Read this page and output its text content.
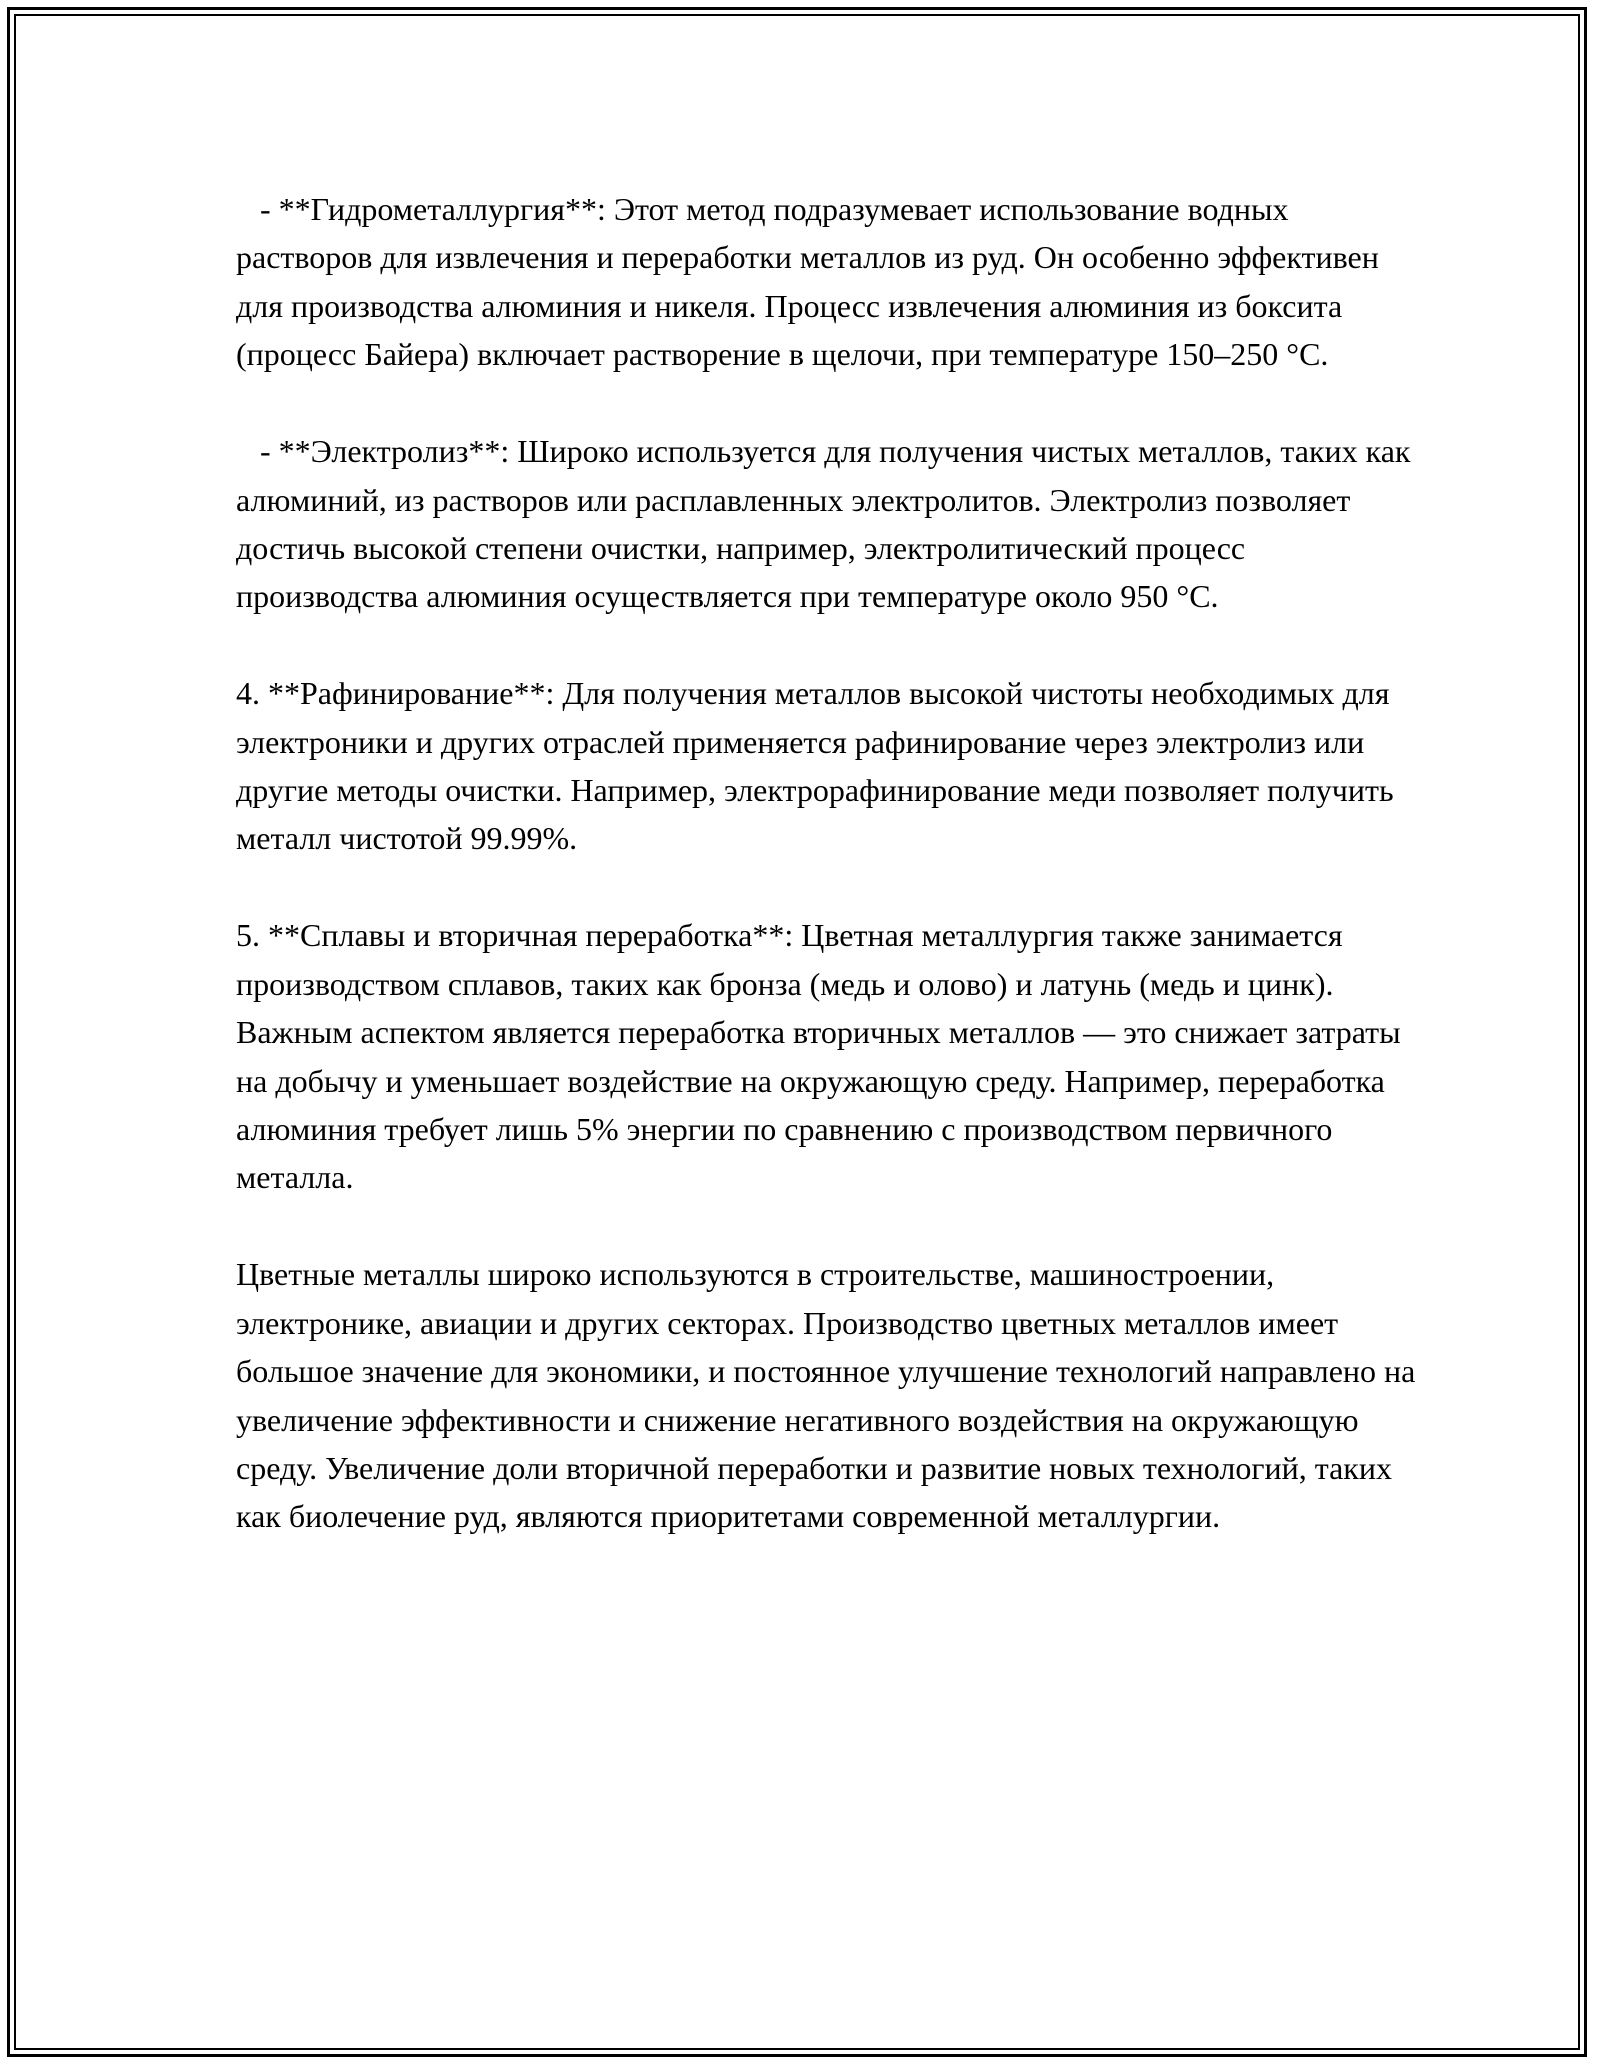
- **Гидрометаллургия**: Этот метод подразумевает использование водных растворов для извлечения и переработки металлов из руд. Он особенно эффективен для производства алюминия и никеля. Процесс извлечения алюминия из боксита (процесс Байера) включает растворение в щелочи, при температуре 150–250 °C.

- **Электролиз**: Широко используется для получения чистых металлов, таких как алюминий, из растворов или расплавленных электролитов. Электролиз позволяет достичь высокой степени очистки, например, электролитический процесс производства алюминия осуществляется при температуре около 950 °C.

4. **Рафинирование**: Для получения металлов высокой чистоты необходимых для электроники и других отраслей применяется рафинирование через электролиз или другие методы очистки. Например, электрорафинирование меди позволяет получить металл чистотой 99.99%.

5. **Сплавы и вторичная переработка**: Цветная металлургия также занимается производством сплавов, таких как бронза (медь и олово) и латунь (медь и цинк). Важным аспектом является переработка вторичных металлов — это снижает затраты на добычу и уменьшает воздействие на окружающую среду. Например, переработка алюминия требует лишь 5% энергии по сравнению с производством первичного металла.

Цветные металлы широко используются в строительстве, машиностроении, электронике, авиации и других секторах. Производство цветных металлов имеет большое значение для экономики, и постоянное улучшение технологий направлено на увеличение эффективности и снижение негативного воздействия на окружающую среду. Увеличение доли вторичной переработки и развитие новых технологий, таких как биолечение руд, являются приоритетами современной металлургии.
